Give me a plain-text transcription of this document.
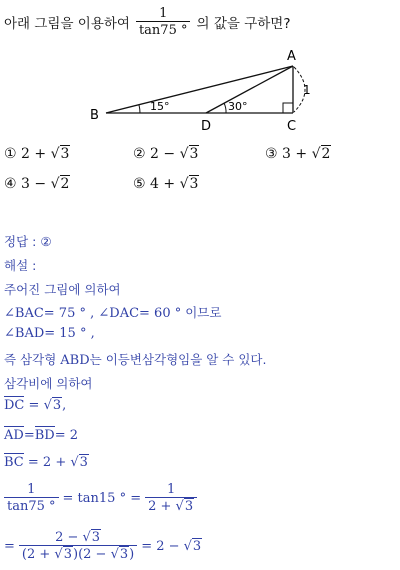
아래 그림을 이용하여 $\frac{1}{\tan 75 ^\circ}$ 의 값을 구하면?
A
B
D	C
15°	30°
1
① 2 + √3	② 2 − √3	③ 3 + √2
④ 3 − √2	⑤ 4 + √3
정답 : ②
해설 :
주어진 그림에 의하여
∠BAC= 75 ° , ∠DAC= 60 ° 이므로
∠BAD= 15 ° ,
즉 삼각형 ABD는 이등변삼각형임을 알 수 있다.
삼각비에 의하여
DC = √3,
AD=BD= 2
BC = 2 + √3
$\frac{1}{\tan 75 ^\circ} = \tan 15$ ° = $\frac{1}{2 + √3}$
= $\frac{2 - √3}{(2 + √3)(2 - √3)} = 2 - √3$
